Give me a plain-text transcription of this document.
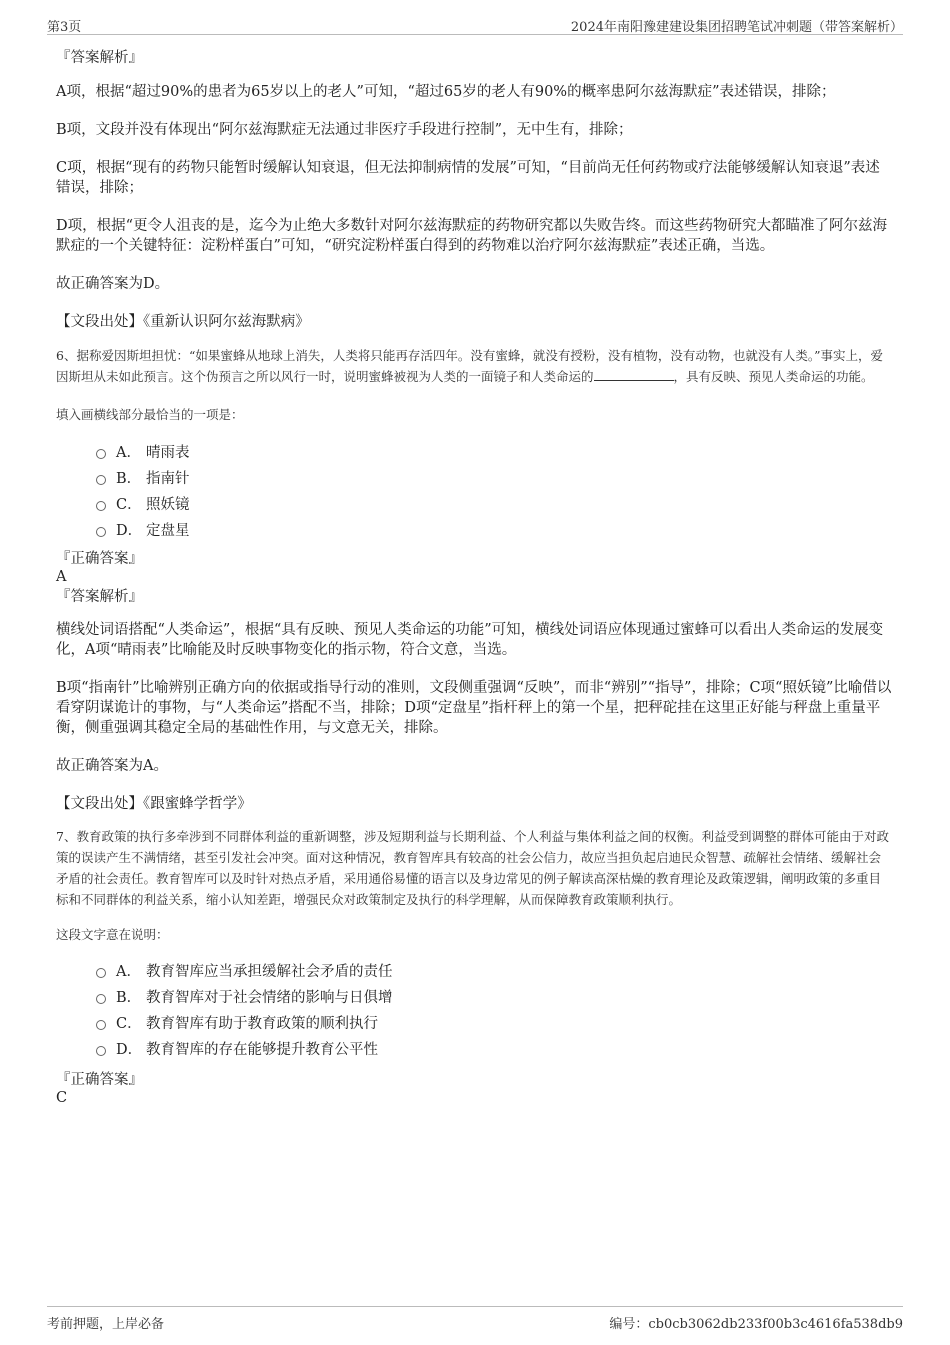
第3页	2024年南阳豫建建设集团招聘笔试冲刺题（带答案解析）

『答案解析』

A项，根据“超过90%的患者为65岁以上的老人”可知，“超过65岁的老人有90%的概率患阿尔兹海默症”表述错误，排除；

B项，文段并没有体现出“阿尔兹海默症无法通过非医疗手段进行控制”，无中生有，排除；

C项，根据“现有的药物只能暂时缓解认知衰退，但无法抑制病情的发展”可知，“目前尚无任何药物或疗法能够缓解认知衰退”表述错误，排除；

D项，根据“更令人沮丧的是，迄今为止绝大多数针对阿尔兹海默症的药物研究都以失败告终。而这些药物研究大都瞄准了阿尔兹海默症的一个关键特征：淀粉样蛋白”可知，“研究淀粉样蛋白得到的药物难以治疗阿尔兹海默症”表述正确，当选。

故正确答案为D。

【文段出处】《重新认识阿尔兹海默病》

6、据称爱因斯坦担忧：“如果蜜蜂从地球上消失，人类将只能再存活四年。没有蜜蜂，就没有授粉，没有植物，没有动物，也就没有人类。”事实上，爱因斯坦从未如此预言。这个伪预言之所以风行一时，说明蜜蜂被视为人类的一面镜子和人类命运的	，具有反映、预见人类命运的功能。

填入画横线部分最恰当的一项是：

A． 晴雨表
B． 指南针
C． 照妖镜
D． 定盘星

『正确答案』

A

『答案解析』

横线处词语搭配“人类命运”，根据“具有反映、预见人类命运的功能”可知，横线处词语应体现通过蜜蜂可以看出人类命运的发展变化，A项“晴雨表”比喻能及时反映事物变化的指示物，符合文意，当选。

B项“指南针”比喻辨别正确方向的依据或指导行动的准则，文段侧重强调“反映”，而非“辨别”“指导”，排除；C项“照妖镜”比喻借以看穿阴谋诡计的事物，与“人类命运”搭配不当，排除；D项“定盘星”指杆秤上的第一个星，把秤砣挂在这里正好能与秤盘上重量平衡，侧重强调其稳定全局的基础性作用，与文意无关，排除。

故正确答案为A。

【文段出处】《跟蜜蜂学哲学》

7、教育政策的执行多牵涉到不同群体利益的重新调整，涉及短期利益与长期利益、个人利益与集体利益之间的权衡。利益受到调整的群体可能由于对政策的误读产生不满情绪，甚至引发社会冲突。面对这种情况，教育智库具有较高的社会公信力，故应当担负起启迪民众智慧、疏解社会情绪、缓解社会矛盾的社会责任。教育智库可以及时针对热点矛盾，采用通俗易懂的语言以及身边常见的例子解读高深枯燥的教育理论及政策逻辑，阐明政策的多重目标和不同群体的利益关系，缩小认知差距，增强民众对政策制定及执行的科学理解，从而保障教育政策顺利执行。

这段文字意在说明：

A． 教育智库应当承担缓解社会矛盾的责任
B． 教育智库对于社会情绪的影响与日俱增
C． 教育智库有助于教育政策的顺利执行
D． 教育智库的存在能够提升教育公平性

『正确答案』

C

考前押题，上岸必备	编号：cb0cb3062db233f00b3c4616fa538db9
